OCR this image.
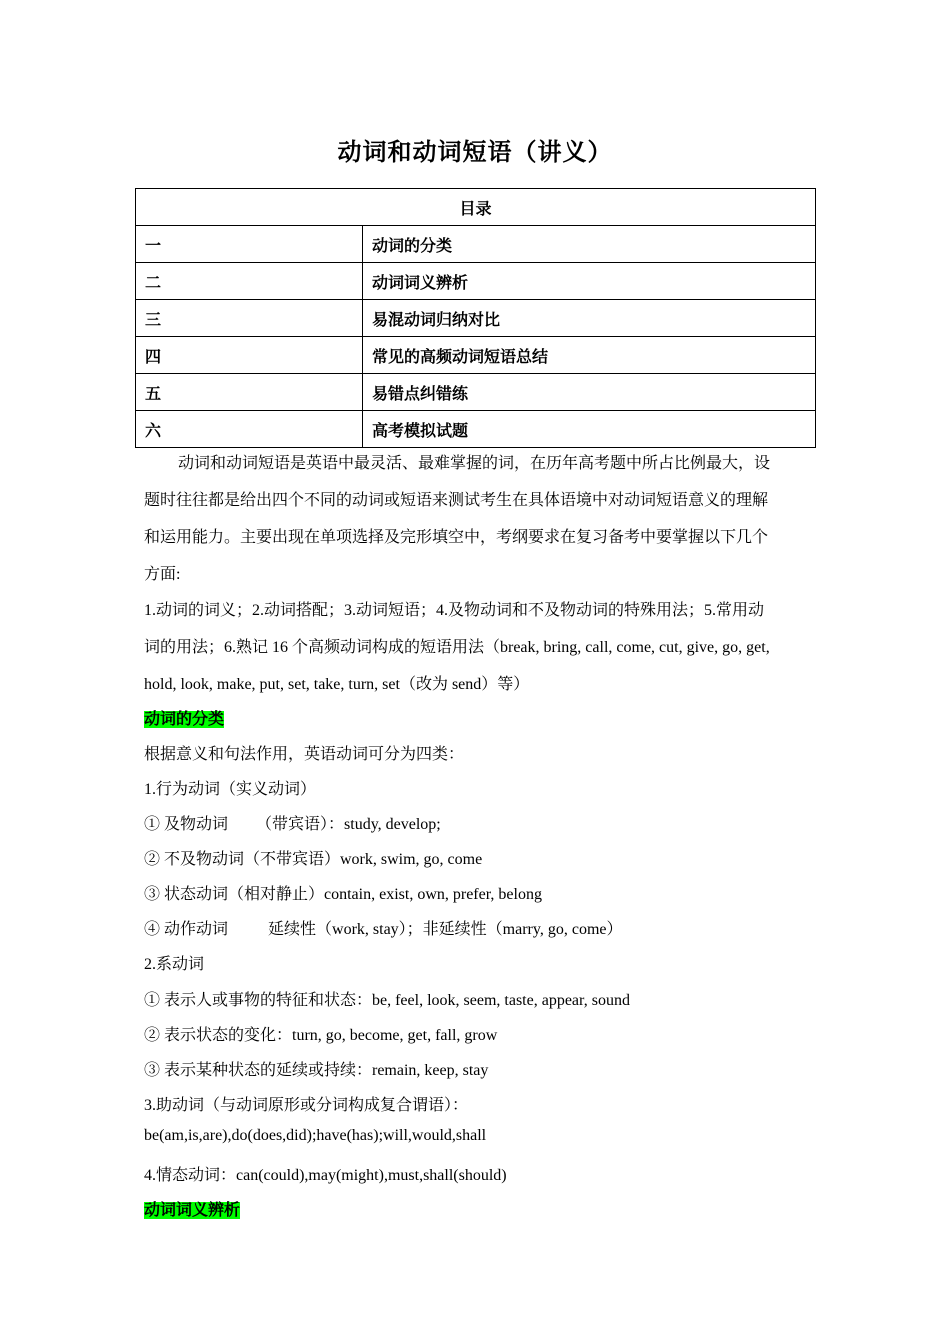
动词和动词短语（讲义）
目录	
一	动词的分类
二	动词词义辨析
三	易混动词归纳对比
四	常见的高频动词短语总结
五	易错点纠错练
六	高考模拟试题
动词和动词短语是英语中最灵活、最难掌握的词，在历年高考题中所占比例最大，设
题时往往都是给出四个不同的动词或短语来测试考生在具体语境中对动词短语意义的理解
和运用能力。主要出现在单项选择及完形填空中，考纲要求在复习备考中要掌握以下几个
方面:
1.动词的词义；2.动词搭配；3.动词短语；4.及物动词和不及物动词的特殊用法；5.常用动
词的用法；6.熟记 16 个高频动词构成的短语用法（break, bring, call, come, cut, give, go, get,
hold, look, make, put, set, take, turn, set（改为 send）等）
动词的分类
根据意义和句法作用，英语动词可分为四类：
1.行为动词（实义动词）
① 及物动词 （带宾语）：study, develop;
② 不及物动词（不带宾语）work, swim, go, come
③ 状态动词（相对静止）contain, exist, own, prefer, belong
④ 动作动词	延续性（work, stay）；非延续性（marry, go, come）
2.系动词
① 表示人或事物的特征和状态：be, feel, look, seem, taste, appear, sound
② 表示状态的变化：turn, go, become, get, fall, grow
③ 表示某种状态的延续或持续：remain, keep, stay
3.助动词（与动词原形或分词构成复合谓语）：
be(am,is,are),do(does,did);have(has);will,would,shall
4.情态动词：can(could),may(might),must,shall(should)
动词词义辨析
